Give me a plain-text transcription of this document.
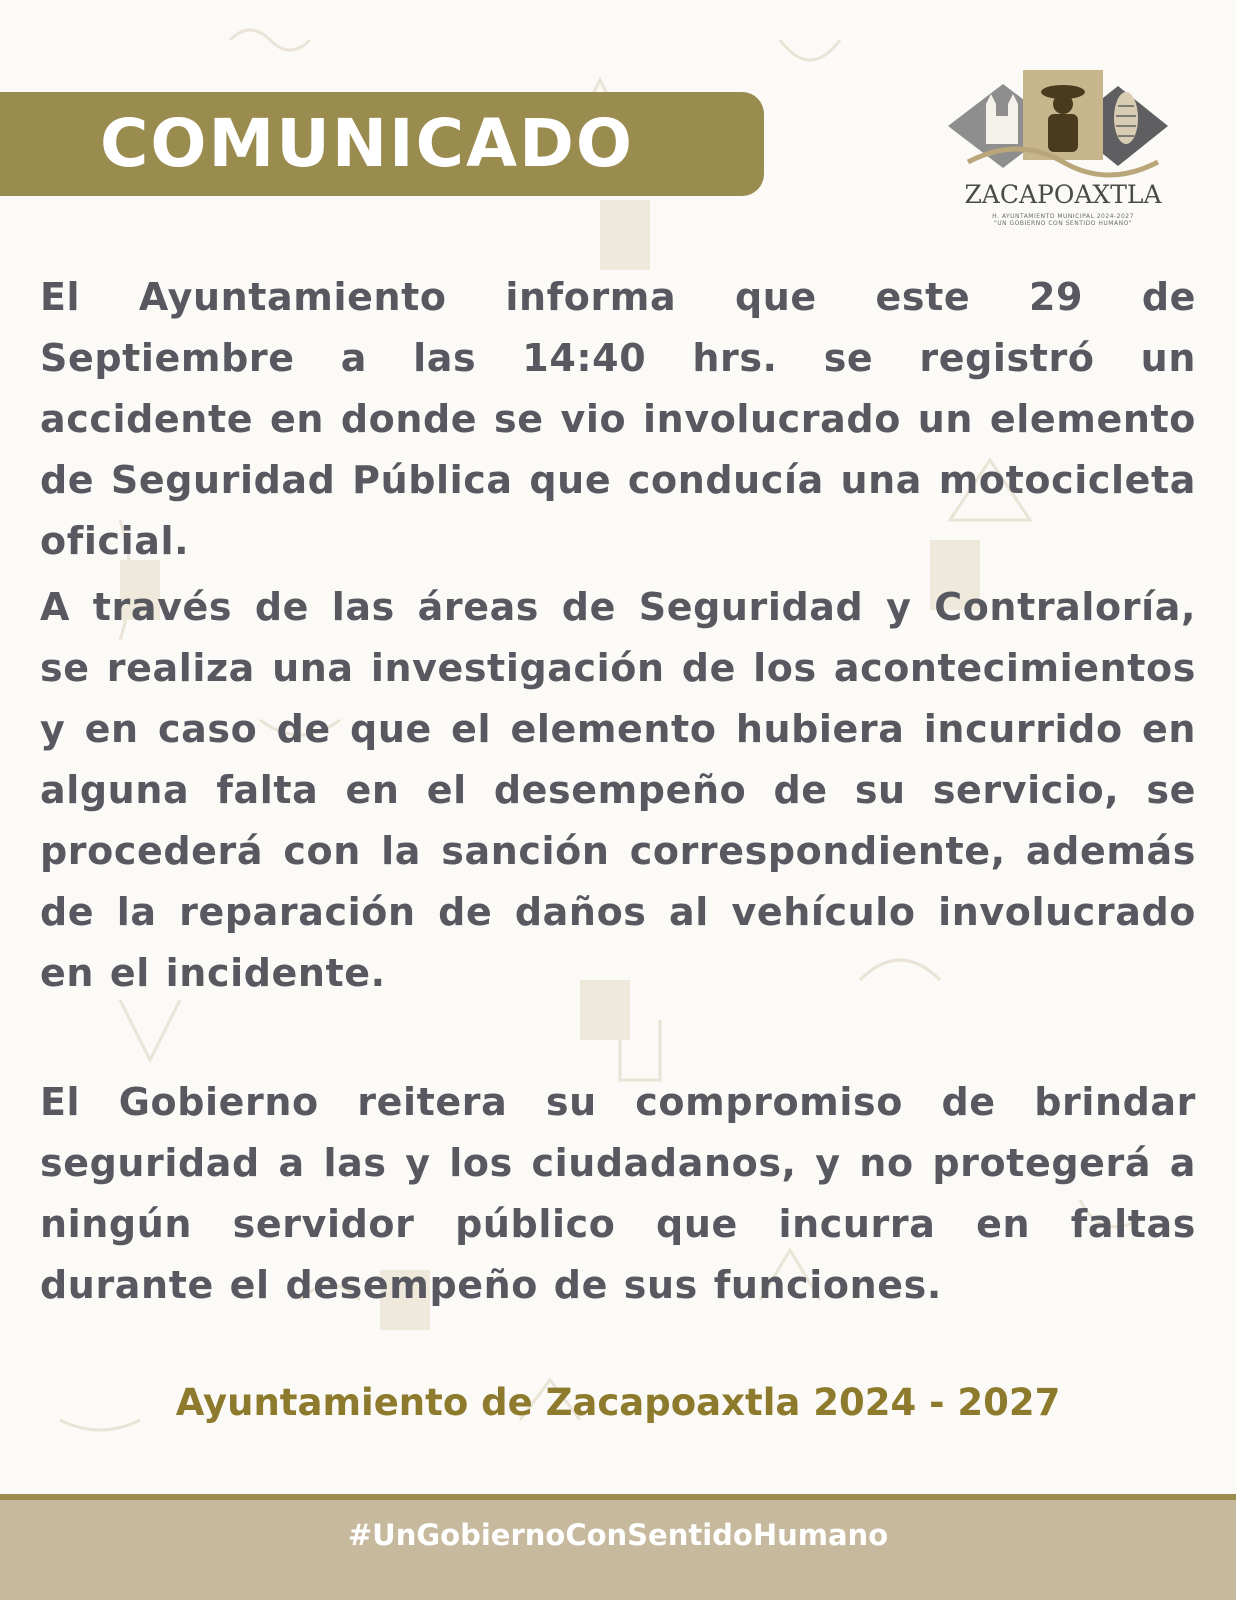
COMUNICADO
ZACAPOAXTLA
H. AYUNTAMIENTO MUNICIPAL 2024-2027
"UN GOBIERNO CON SENTIDO HUMANO"
El Ayuntamiento informa que este 29 de Septiembre a las 14:40 hrs. se registró un accidente en donde se vio involucrado un elemento de Seguridad Pública que conducía una motocicleta oficial.
A través de las áreas de Seguridad y Contraloría, se realiza una investigación de los acontecimientos y en caso de que el elemento hubiera incurrido en alguna falta en el desempeño de su servicio, se procederá con la sanción correspondiente, además de la reparación de daños al vehículo involucrado en el incidente.
El Gobierno reitera su compromiso de brindar seguridad a las y los ciudadanos, y no protegerá a ningún servidor público que incurra en faltas durante el desempeño de sus funciones.
Ayuntamiento de Zacapoaxtla 2024 - 2027
#UnGobiernoConSentidoHumano
